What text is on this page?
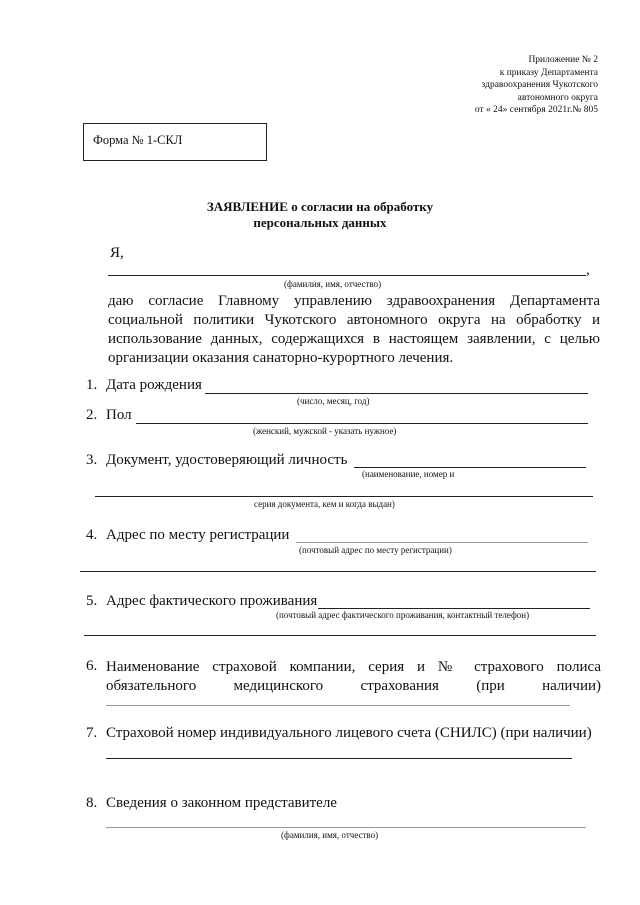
Приложение № 2
к приказу Департамента
здравоохранения Чукотского
автономного округа
от « 24» сентября 2021г.№ 805
Форма № 1-СКЛ
ЗАЯВЛЕНИЕ о согласии на обработку
персональных данных
Я,
,
(фамилия, имя, отчество)
даю согласие Главному управлению здравоохранения Департамента социальной политики Чукотского автономного округа на обработку и использование данных, содержащихся в настоящем заявлении, с целью организации оказания санаторно-курортного лечения.
1. Дата рождения
(число, месяц, год)
2. Пол
(женский, мужской - указать нужное)
3. Документ, удостоверяющий личность
(наименование, номер и
серия документа, кем и когда выдан)
4. Адрес по месту регистрации
(почтовый адрес по месту регистрации)
5. Адрес фактического проживания
(почтовый адрес фактического проживания, контактный телефон)
6. Наименование страховой компании, серия и № страхового полиса
обязательного медицинского страхования (при наличии)
7. Страховой номер индивидуального лицевого счета (СНИЛС) (при наличии)
8. Сведения о законном представителе
(фамилия, имя, отчество)
